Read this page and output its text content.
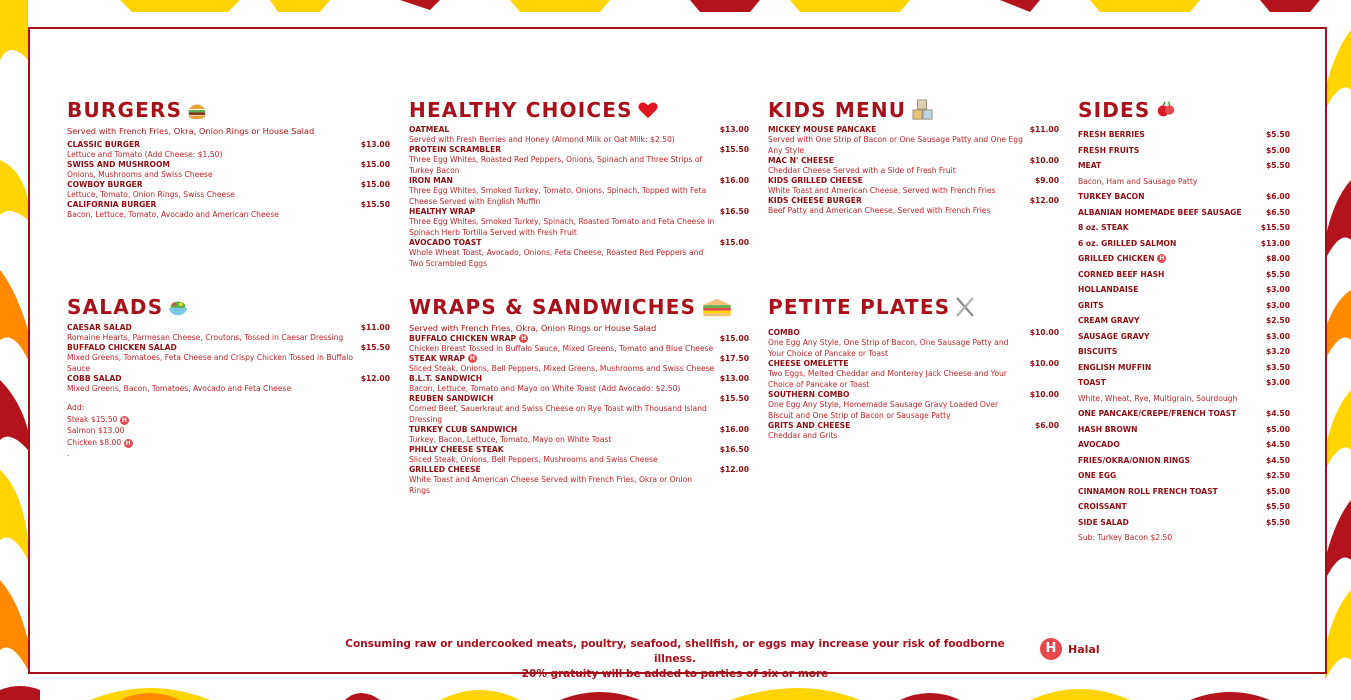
BURGERS
Served with French Fries, Okra, Onion Rings or House Salad
CLASSIC BURGER	$13.00
Lettuce and Tomato (Add Cheese: $1.50)
SWISS AND MUSHROOM	$15.00
Onions, Mushrooms and Swiss Cheese
COWBOY BURGER	$15.00
Lettuce, Tomato, Onion Rings, Swiss Cheese
CALIFORNIA BURGER	$15.50
Bacon, Lettuce, Tomato, Avocado and American Cheese
SALADS
CAESAR SALAD	$11.00
Romaine Hearts, Parmesan Cheese, Croutons, Tossed in Caesar Dressing
BUFFALO CHICKEN SALAD	$15.50
Mixed Greens, Tomatoes, Feta Cheese and Crispy Chicken Tossed in Buffalo Sauce
COBB SALAD	$12.00
Mixed Greens, Bacon, Tomatoes, Avocado and Feta Cheese
Add:
Steak $15.50 H
Salmon $13.00
Chicken $8.00 H
.
HEALTHY CHOICES
OATMEAL	$13.00
Served with Fresh Berries and Honey (Almond Milk or Oat Milk: $2.50)
PROTEIN SCRAMBLER	$15.50
Three Egg Whites, Roasted Red Peppers, Onions, Spinach and Three Strips of Turkey Bacon
IRON MAN	$16.00
Three Egg Whites, Smoked Turkey, Tomato, Onions, Spinach, Topped with Feta Cheese Served with English Muffin
HEALTHY WRAP	$16.50
Three Egg Whites, Smoked Turkey, Spinach, Roasted Tomato and Feta Cheese in Spinach Herb Tortilla Served with Fresh Fruit
AVOCADO TOAST	$15.00
Whole Wheat Toast, Avocado, Onions, Feta Cheese, Roasted Red Peppers and Two Scrambled Eggs
WRAPS & SANDWICHES
Served with French Fries, Okra, Onion Rings or House Salad
BUFFALO CHICKEN WRAP H	$15.00
Chicken Breast Tossed in Buffalo Sauce, Mixed Greens, Tomato and Blue Cheese
STEAK WRAP H	$17.50
Sliced Steak, Onions, Bell Peppers, Mixed Greens, Mushrooms and Swiss Cheese
B.L.T. SANDWICH	$13.00
Bacon, Lettuce, Tomato and Mayo on White Toast (Add Avocado: $2.50)
REUBEN SANDWICH	$15.50
Corned Beef, Sauerkraut and Swiss Cheese on Rye Toast with Thousand Island Dressing
TURKEY CLUB SANDWICH	$16.00
Turkey, Bacon, Lettuce, Tomato, Mayo on White Toast
PHILLY CHEESE STEAK	$16.50
Sliced Steak, Onions, Bell Peppers, Mushrooms and Swiss Cheese
GRILLED CHEESE	$12.00
White Toast and American Cheese Served with French Fries, Okra or Onion Rings
KIDS MENU
MICKEY MOUSE PANCAKE	$11.00
Served with One Strip of Bacon or One Sausage Patty and One Egg Any Style
MAC N' CHEESE	$10.00
Cheddar Cheese Served with a Side of Fresh Fruit
KIDS GRILLED CHEESE	$9.00
White Toast and American Cheese, Served with French Fries
KIDS CHEESE BURGER	$12.00
Beef Patty and American Cheese, Served with French Fries
PETITE PLATES
COMBO	$10.00
One Egg Any Style, One Strip of Bacon, One Sausage Patty and Your Choice of Pancake or Toast
CHEESE OMELETTE	$10.00
Two Eggs, Melted Cheddar and Monterey Jack Cheese and Your Choice of Pancake or Toast
SOUTHERN COMBO	$10.00
One Egg Any Style, Homemade Sausage Gravy Loaded Over Biscuit and One Strip of Bacon or Sausage Patty
GRITS AND CHEESE	$6.00
Cheddar and Grits
SIDES
FRESH BERRIES	$5.50
FRESH FRUITS	$5.00
MEAT	$5.50
Bacon, Ham and Sausage Patty
TURKEY BACON	$6.00
ALBANIAN HOMEMADE BEEF SAUSAGE	$6.50
8 oz. STEAK	$15.50
6 oz. GRILLED SALMON	$13.00
GRILLED CHICKEN H	$8.00
CORNED BEEF HASH	$5.50
HOLLANDAISE	$3.00
GRITS	$3.00
CREAM GRAVY	$2.50
SAUSAGE GRAVY	$3.00
BISCUITS	$3.20
ENGLISH MUFFIN	$3.50
TOAST	$3.00
White, Wheat, Rye, Multigrain, Sourdough
ONE PANCAKE/CREPE/FRENCH TOAST	$4.50
HASH BROWN	$5.00
AVOCADO	$4.50
FRIES/OKRA/ONION RINGS	$4.50
ONE EGG	$2.50
CINNAMON ROLL FRENCH TOAST	$5.00
CROISSANT	$5.50
SIDE SALAD	$5.50
Sub: Turkey Bacon $2.50
Consuming raw or undercooked meats, poultry, seafood, shellfish, or eggs may increase your risk of foodborne illness.
20% gratuity will be added to parties of six or more
H	Halal
